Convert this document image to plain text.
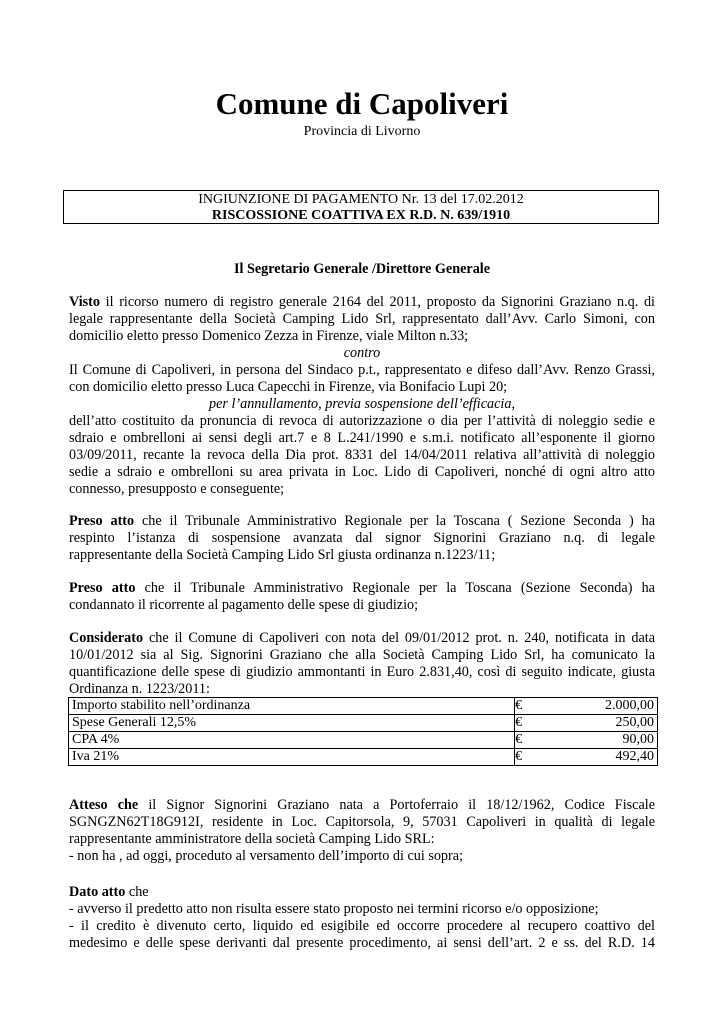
Comune di Capoliveri
Provincia di Livorno
INGIUNZIONE DI PAGAMENTO Nr. 13 del 17.02.2012
RISCOSSIONE COATTIVA EX R.D. N. 639/1910
Il Segretario Generale /Direttore Generale
Visto il ricorso numero di registro generale 2164 del 2011, proposto da Signorini Graziano n.q. di
legale rappresentante della Società Camping Lido Srl, rappresentato dall’Avv. Carlo Simoni, con
domicilio eletto presso Domenico Zezza in Firenze, viale Milton n.33;
contro
Il Comune di Capoliveri, in persona del Sindaco p.t., rappresentato e difeso dall’Avv. Renzo Grassi,
con domicilio eletto presso Luca Capecchi in Firenze, via Bonifacio Lupi 20;
per l’annullamento, previa sospensione dell’efficacia,
dell’atto costituito da pronuncia di revoca di autorizzazione o dia per l’attività di noleggio sedie e
sdraio e ombrelloni ai sensi degli art.7 e 8 L.241/1990 e s.m.i. notificato all’esponente il giorno
03/09/2011, recante la revoca della Dia prot. 8331 del 14/04/2011 relativa all’attività di noleggio
sedie a sdraio e ombrelloni su area privata in Loc. Lido di Capoliveri, nonché di ogni altro atto
connesso, presupposto e conseguente;
Preso atto che il Tribunale Amministrativo Regionale per la Toscana ( Sezione Seconda ) ha
respinto l’istanza di sospensione avanzata dal signor Signorini Graziano n.q. di legale
rappresentante della Società Camping Lido Srl giusta ordinanza n.1223/11;
Preso atto che il Tribunale Amministrativo Regionale per la Toscana (Sezione Seconda) ha
condannato il ricorrente al pagamento delle spese di giudizio;
Considerato che il Comune di Capoliveri con nota del 09/01/2012 prot. n. 240, notificata in data
10/01/2012 sia al Sig. Signorini Graziano che alla Società Camping Lido Srl, ha comunicato la
quantificazione delle spese di giudizio ammontanti in Euro 2.831,40, così di seguito indicate, giusta
Ordinanza n. 1223/2011:
Importo stabilito nell’ordinanza	€	2.000,00
Spese Generali 12,5%	€	250,00
CPA 4%	€	90,00
Iva 21%	€	492,40
Atteso che il Signor Signorini Graziano nata a Portoferraio il 18/12/1962, Codice Fiscale
SGNGZN62T18G912I, residente in Loc. Capitorsola, 9, 57031 Capoliveri in qualità di legale
rappresentante amministratore della società Camping Lido SRL:
- non ha , ad oggi, proceduto al versamento dell’importo di cui sopra;
Dato atto che
- avverso il predetto atto non risulta essere stato proposto nei termini ricorso e/o opposizione;
- il credito è divenuto certo, liquido ed esigibile ed occorre procedere al recupero coattivo del
medesimo e delle spese derivanti dal presente procedimento, ai sensi dell’art. 2 e ss. del R.D. 14
